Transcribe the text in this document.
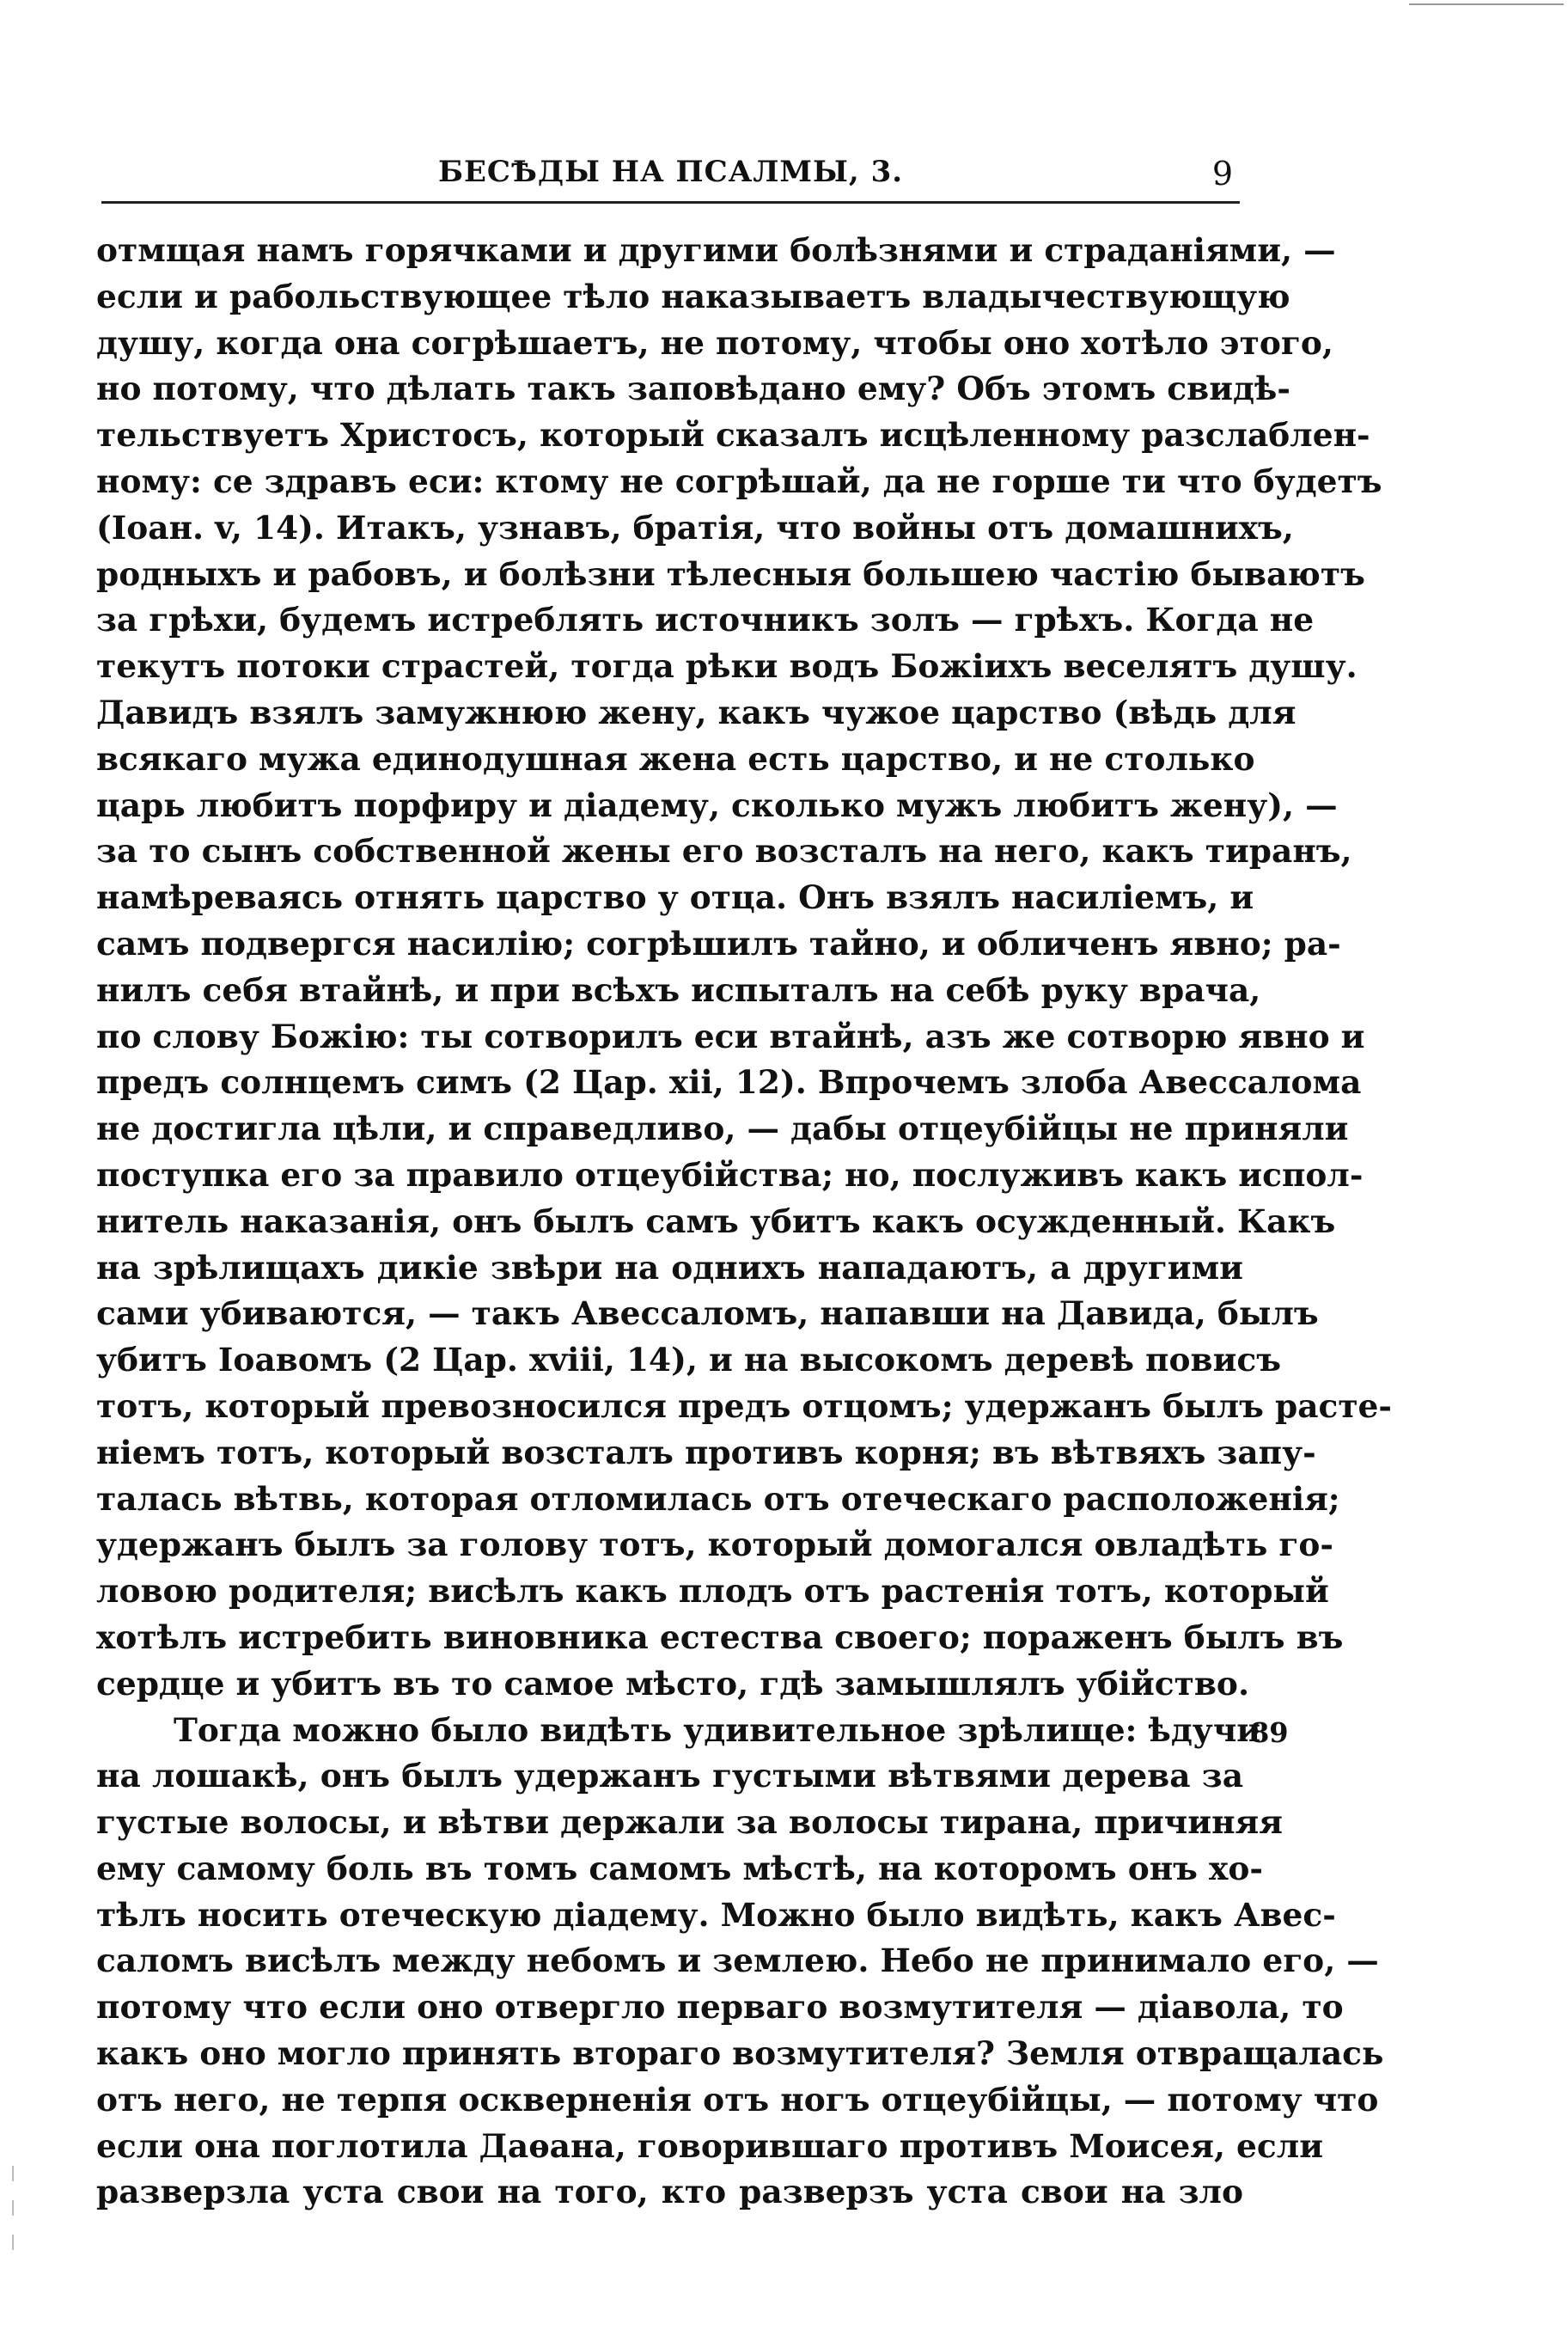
БЕСѢДЫ НА ПСАЛМЫ, 3.	9
отмщая намъ горячками и другими болѣзнями и страданіями, —
если и рабольствующее тѣло наказываетъ владычествующую
душу, когда она согрѣшаетъ, не потому, чтобы оно хотѣло этого,
но потому, что дѣлать такъ заповѣдано ему? Объ этомъ свидѣ-
тельствуетъ Христосъ, который сказалъ исцѣленному разслаблен-
ному: се здравъ еси: ктому не согрѣшай, да не горше ти что будетъ
(Іоан. v, 14). Итакъ, узнавъ, братія, что войны отъ домашнихъ,
родныхъ и рабовъ, и болѣзни тѣлесныя большею частію бываютъ
за грѣхи, будемъ истреблять источникъ золъ — грѣхъ. Когда не
текутъ потоки страстей, тогда рѣки водъ Божіихъ веселятъ душу.
Давидъ взялъ замужнюю жену, какъ чужое царство (вѣдь для
всякаго мужа единодушная жена есть царство, и не столько
царь любитъ порфиру и діадему, сколько мужъ любитъ жену), —
за то сынъ собственной жены его возсталъ на него, какъ тиранъ,
намѣреваясь отнять царство у отца. Онъ взялъ насиліемъ, и
самъ подвергся насилію; согрѣшилъ тайно, и обличенъ явно; ра-
нилъ себя втайнѣ, и при всѣхъ испыталъ на себѣ руку врача,
по слову Божію: ты сотворилъ еси втайнѣ, азъ же сотворю явно и
предъ солнцемъ симъ (2 Цар. xii, 12). Впрочемъ злоба Авессалома
не достигла цѣли, и справедливо, — дабы отцеубійцы не приняли
поступка его за правило отцеубійства; но, послуживъ какъ испол-
нитель наказанія, онъ былъ самъ убитъ какъ осужденный. Какъ
на зрѣлищахъ дикіе звѣри на однихъ нападаютъ, а другими
сами убиваются, — такъ Авессаломъ, напавши на Давида, былъ
убитъ Іоавомъ (2 Цар. xviii, 14), и на высокомъ деревѣ повисъ
тотъ, который превозносился предъ отцомъ; удержанъ былъ расте-
ніемъ тотъ, который возсталъ противъ корня; въ вѣтвяхъ запу-
талась вѣтвь, которая отломилась отъ отеческаго расположенія;
удержанъ былъ за голову тотъ, который домогался овладѣть го-
ловою родителя; висѣлъ какъ плодъ отъ растенія тотъ, который
хотѣлъ истребить виновника естества своего; пораженъ былъ въ
сердце и убитъ въ то самое мѣсто, гдѣ замышлялъ убійство.
Тогда можно было видѣть удивительное зрѣлище: ѣдучи
на лошакѣ, онъ былъ удержанъ густыми вѣтвями дерева за
густые волосы, и вѣтви держали за волосы тирана, причиняя
ему самому боль въ томъ самомъ мѣстѣ, на которомъ онъ хо-
тѣлъ носить отеческую діадему. Можно было видѣть, какъ Авес-
саломъ висѣлъ между небомъ и землею. Небо не принимало его, —
потому что если оно отвергло перваго возмутителя — діавола, то
какъ оно могло принять втораго возмутителя? Земля отвращалась
отъ него, не терпя оскверненія отъ ногъ отцеубійцы, — потому что
если она поглотила Даѳана, говорившаго противъ Моисея, если
разверзла уста свои на того, кто разверзъ уста свои на зло
89
